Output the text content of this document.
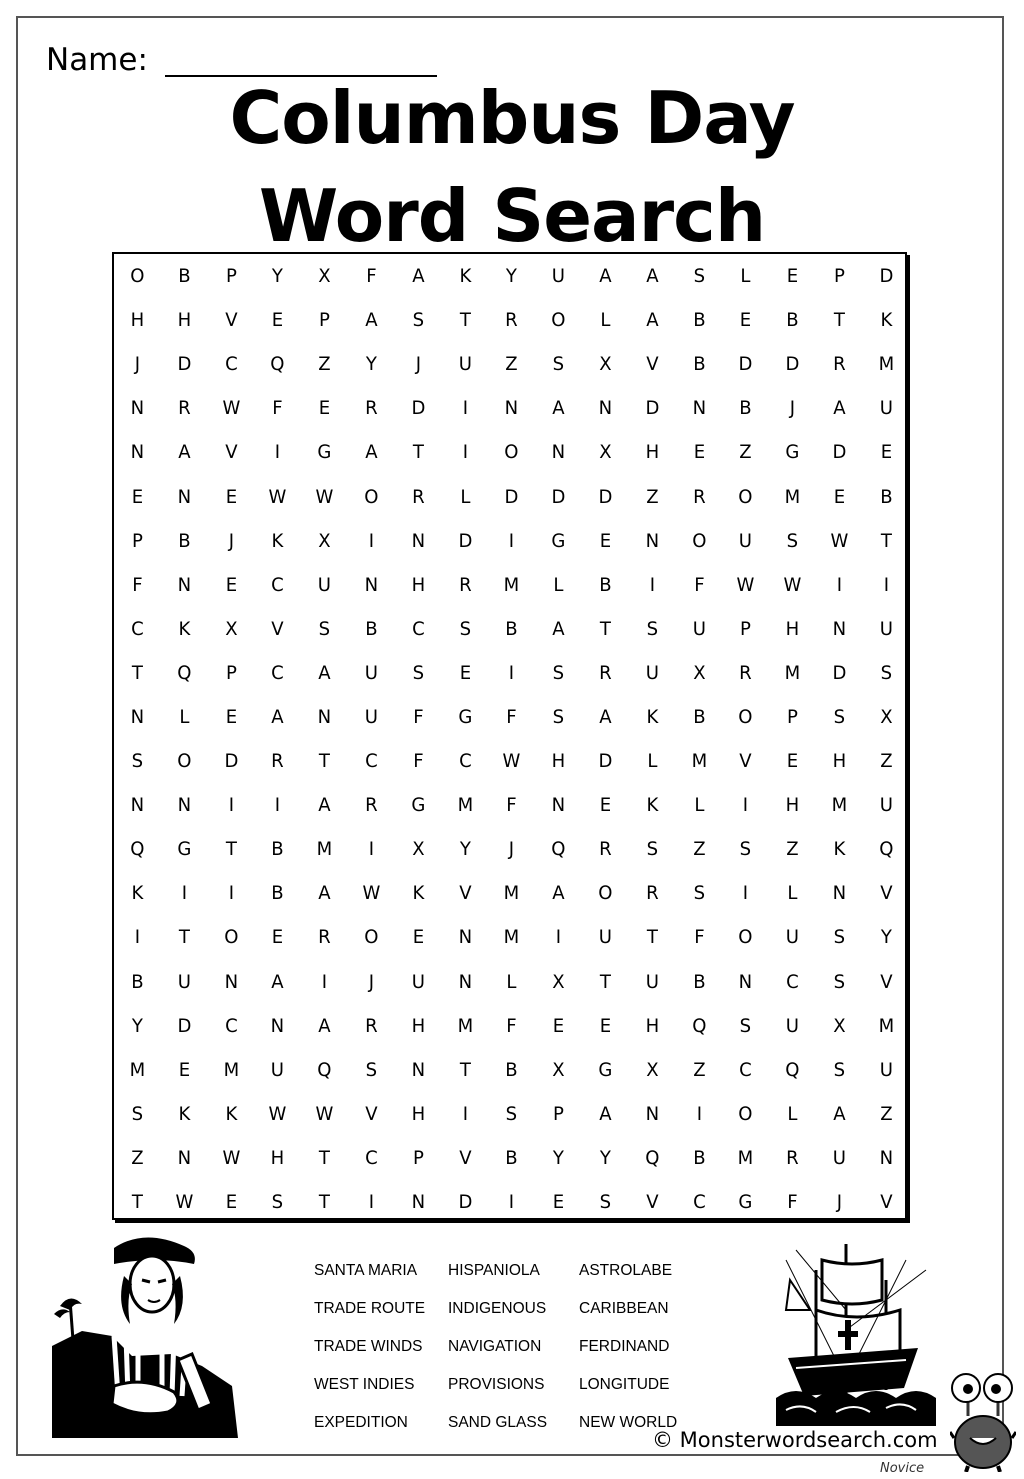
Name:
Columbus Day
Word Search
O	B	P	Y	X	F	A	K	Y	U	A	A	S	L	E	P	D
H	H	V	E	P	A	S	T	R	O	L	A	B	E	B	T	K
J	D	C	Q	Z	Y	J	U	Z	S	X	V	B	D	D	R	M
N	R	W	F	E	R	D	I	N	A	N	D	N	B	J	A	U
N	A	V	I	G	A	T	I	O	N	X	H	E	Z	G	D	E
E	N	E	W	W	O	R	L	D	D	D	Z	R	O	M	E	B
P	B	J	K	X	I	N	D	I	G	E	N	O	U	S	W	T
F	N	E	C	U	N	H	R	M	L	B	I	F	W	W	I	I
C	K	X	V	S	B	C	S	B	A	T	S	U	P	H	N	U
T	Q	P	C	A	U	S	E	I	S	R	U	X	R	M	D	S
N	L	E	A	N	U	F	G	F	S	A	K	B	O	P	S	X
S	O	D	R	T	C	F	C	W	H	D	L	M	V	E	H	Z
N	N	I	I	A	R	G	M	F	N	E	K	L	I	H	M	U
Q	G	T	B	M	I	X	Y	J	Q	R	S	Z	S	Z	K	Q
K	I	I	B	A	W	K	V	M	A	O	R	S	I	L	N	V
I	T	O	E	R	O	E	N	M	I	U	T	F	O	U	S	Y
B	U	N	A	I	J	U	N	L	X	T	U	B	N	C	S	V
Y	D	C	N	A	R	H	M	F	E	E	H	Q	S	U	X	M
M	E	M	U	Q	S	N	T	B	X	G	X	Z	C	Q	S	U
S	K	K	W	W	V	H	I	S	P	A	N	I	O	L	A	Z
Z	N	W	H	T	C	P	V	B	Y	Y	Q	B	M	R	U	N
T	W	E	S	T	I	N	D	I	E	S	V	C	G	F	J	V
SANTA MARIA	HISPANIOLA	ASTROLABE
TRADE ROUTE	INDIGENOUS	CARIBBEAN
TRADE WINDS	NAVIGATION	FERDINAND
WEST INDIES	PROVISIONS	LONGITUDE
EXPEDITION	SAND GLASS	NEW WORLD
© Monsterwordsearch.com
Novice
